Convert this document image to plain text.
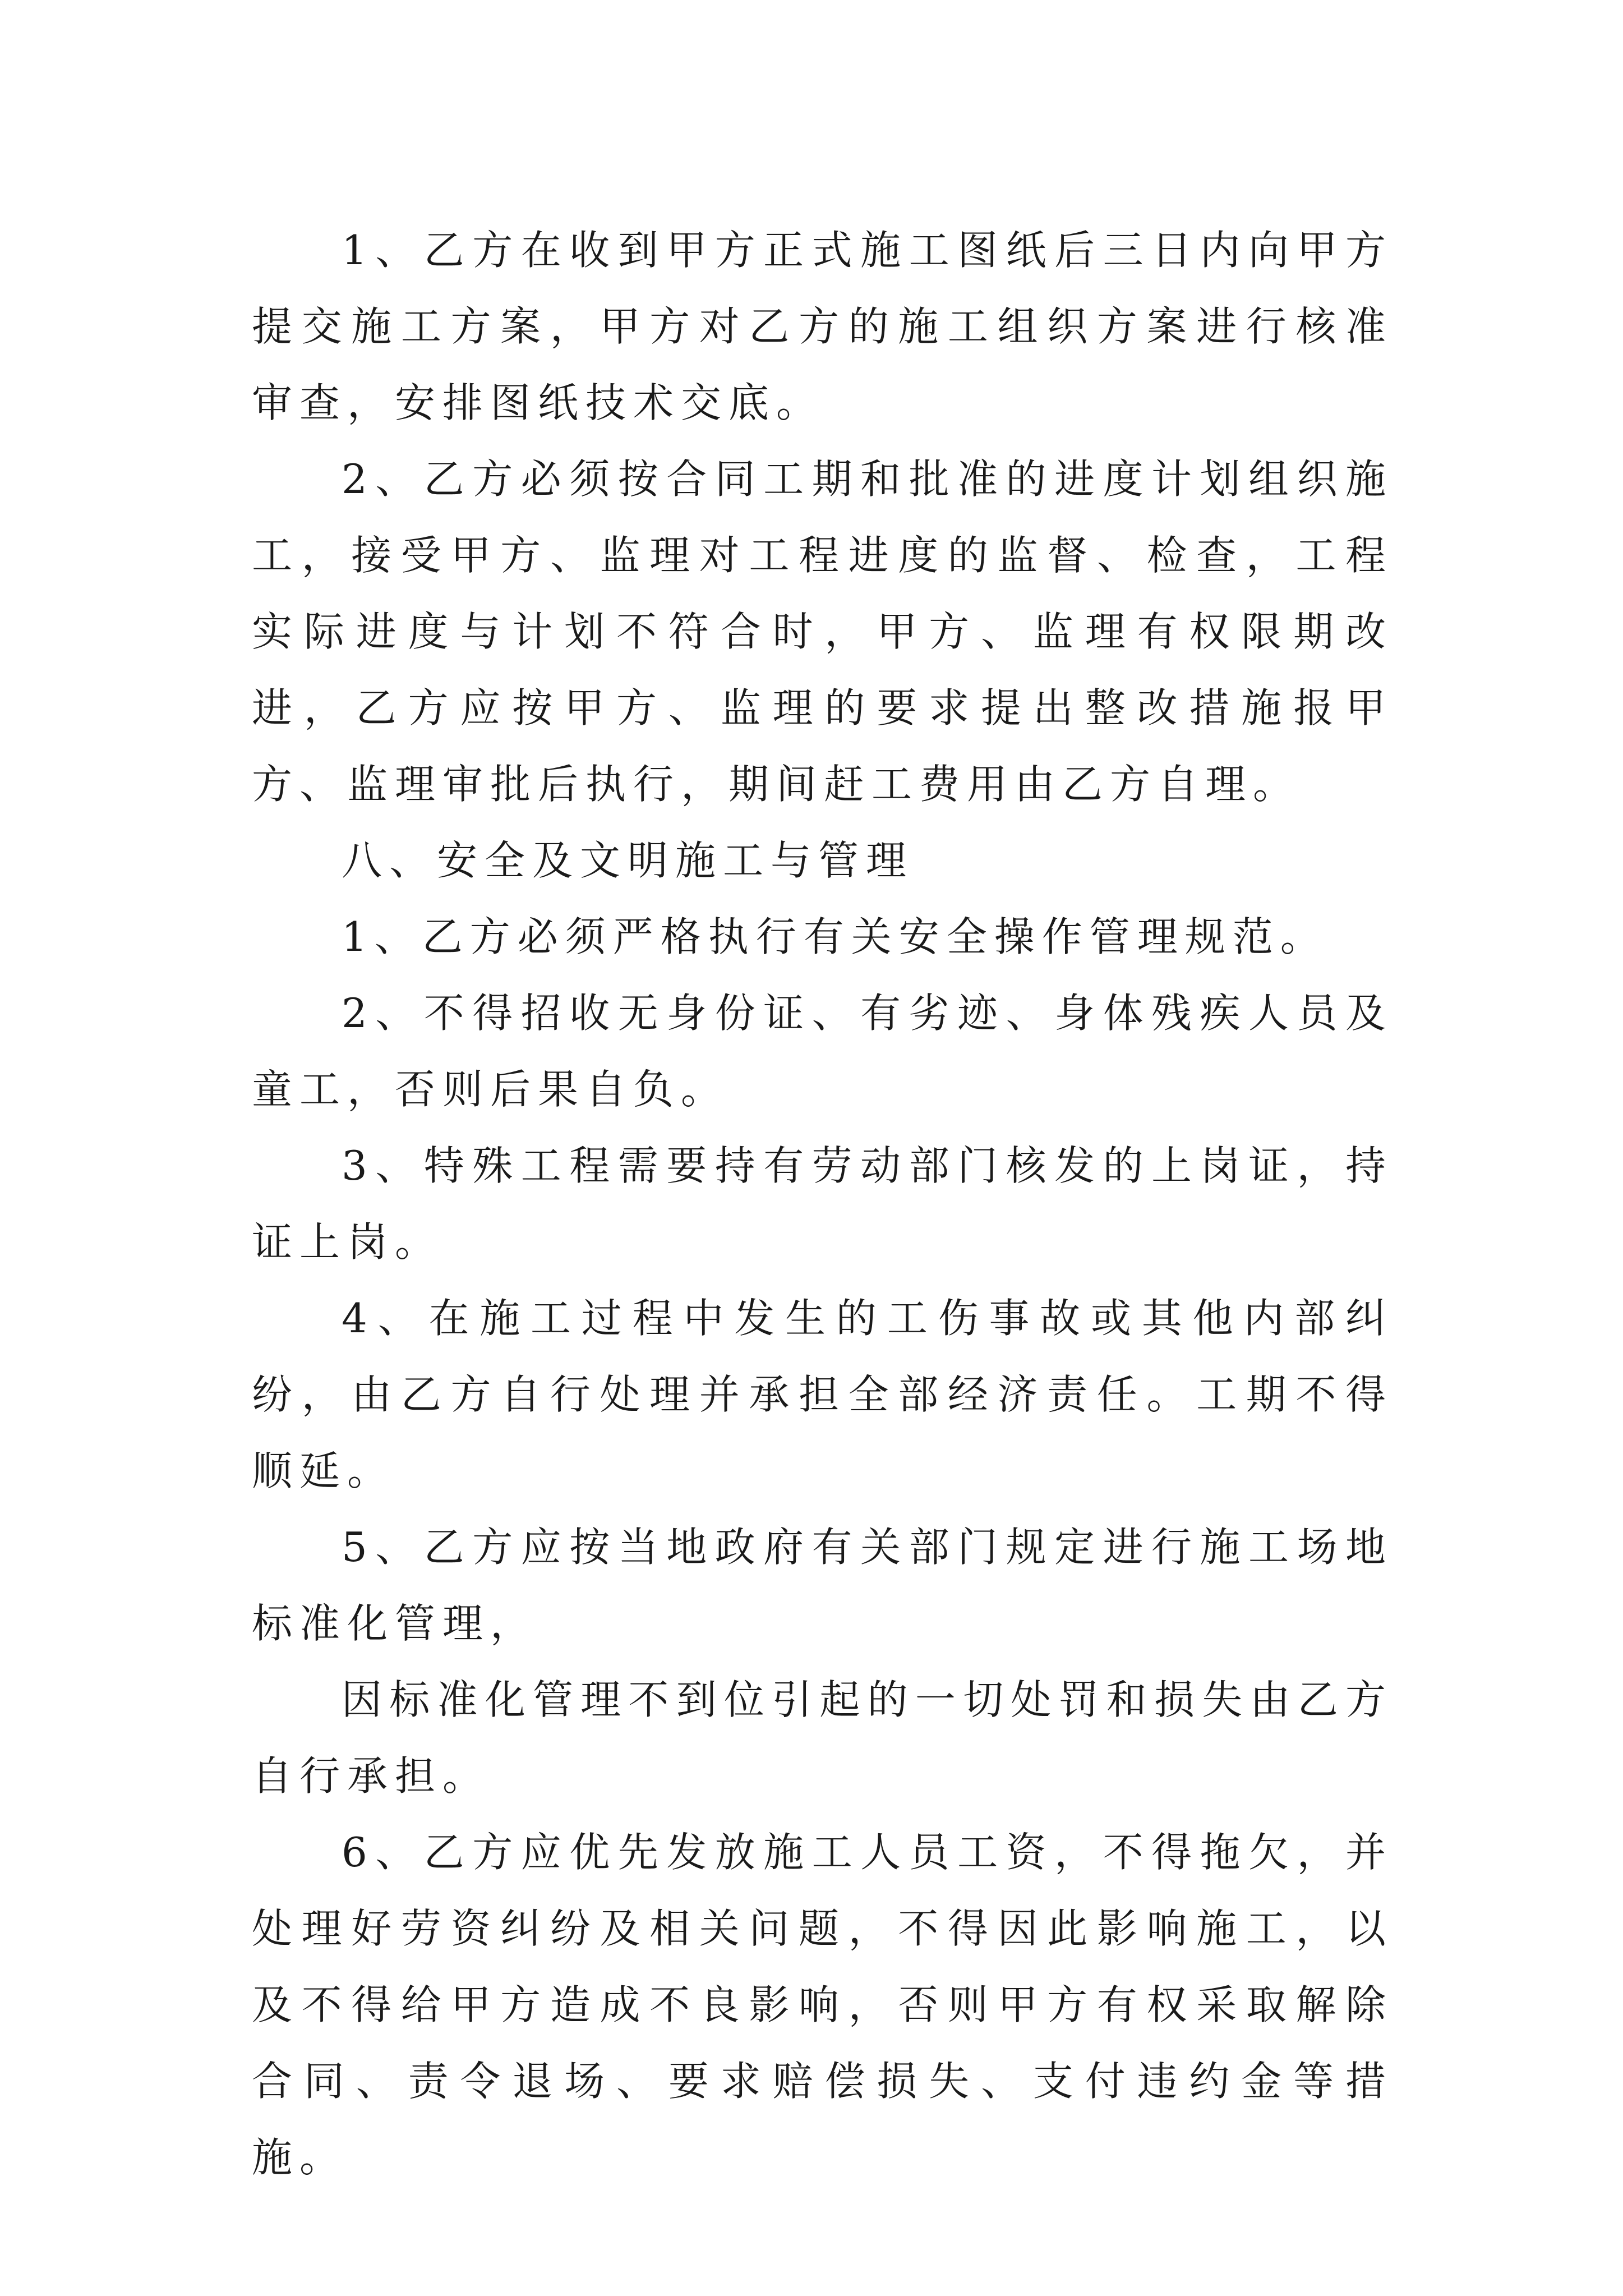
1、乙方在收到甲方正式施工图纸后三日内向甲方提交施工方案，甲方对乙方的施工组织方案进行核准审查，安排图纸技术交底。

2、乙方必须按合同工期和批准的进度计划组织施工，接受甲方、监理对工程进度的监督、检查，工程实际进度与计划不符合时，甲方、监理有权限期改进，乙方应按甲方、监理的要求提出整改措施报甲方、监理审批后执行，期间赶工费用由乙方自理。

八、安全及文明施工与管理

1、乙方必须严格执行有关安全操作管理规范。

2、不得招收无身份证、有劣迹、身体残疾人员及童工，否则后果自负。

3、特殊工程需要持有劳动部门核发的上岗证，持证上岗。

4、在施工过程中发生的工伤事故或其他内部纠纷，由乙方自行处理并承担全部经济责任。工期不得顺延。

5、乙方应按当地政府有关部门规定进行施工场地标准化管理，

因标准化管理不到位引起的一切处罚和损失由乙方自行承担。

6、乙方应优先发放施工人员工资，不得拖欠，并处理好劳资纠纷及相关问题，不得因此影响施工，以及不得给甲方造成不良影响，否则甲方有权采取解除合同、责令退场、要求赔偿损失、支付违约金等措施。
